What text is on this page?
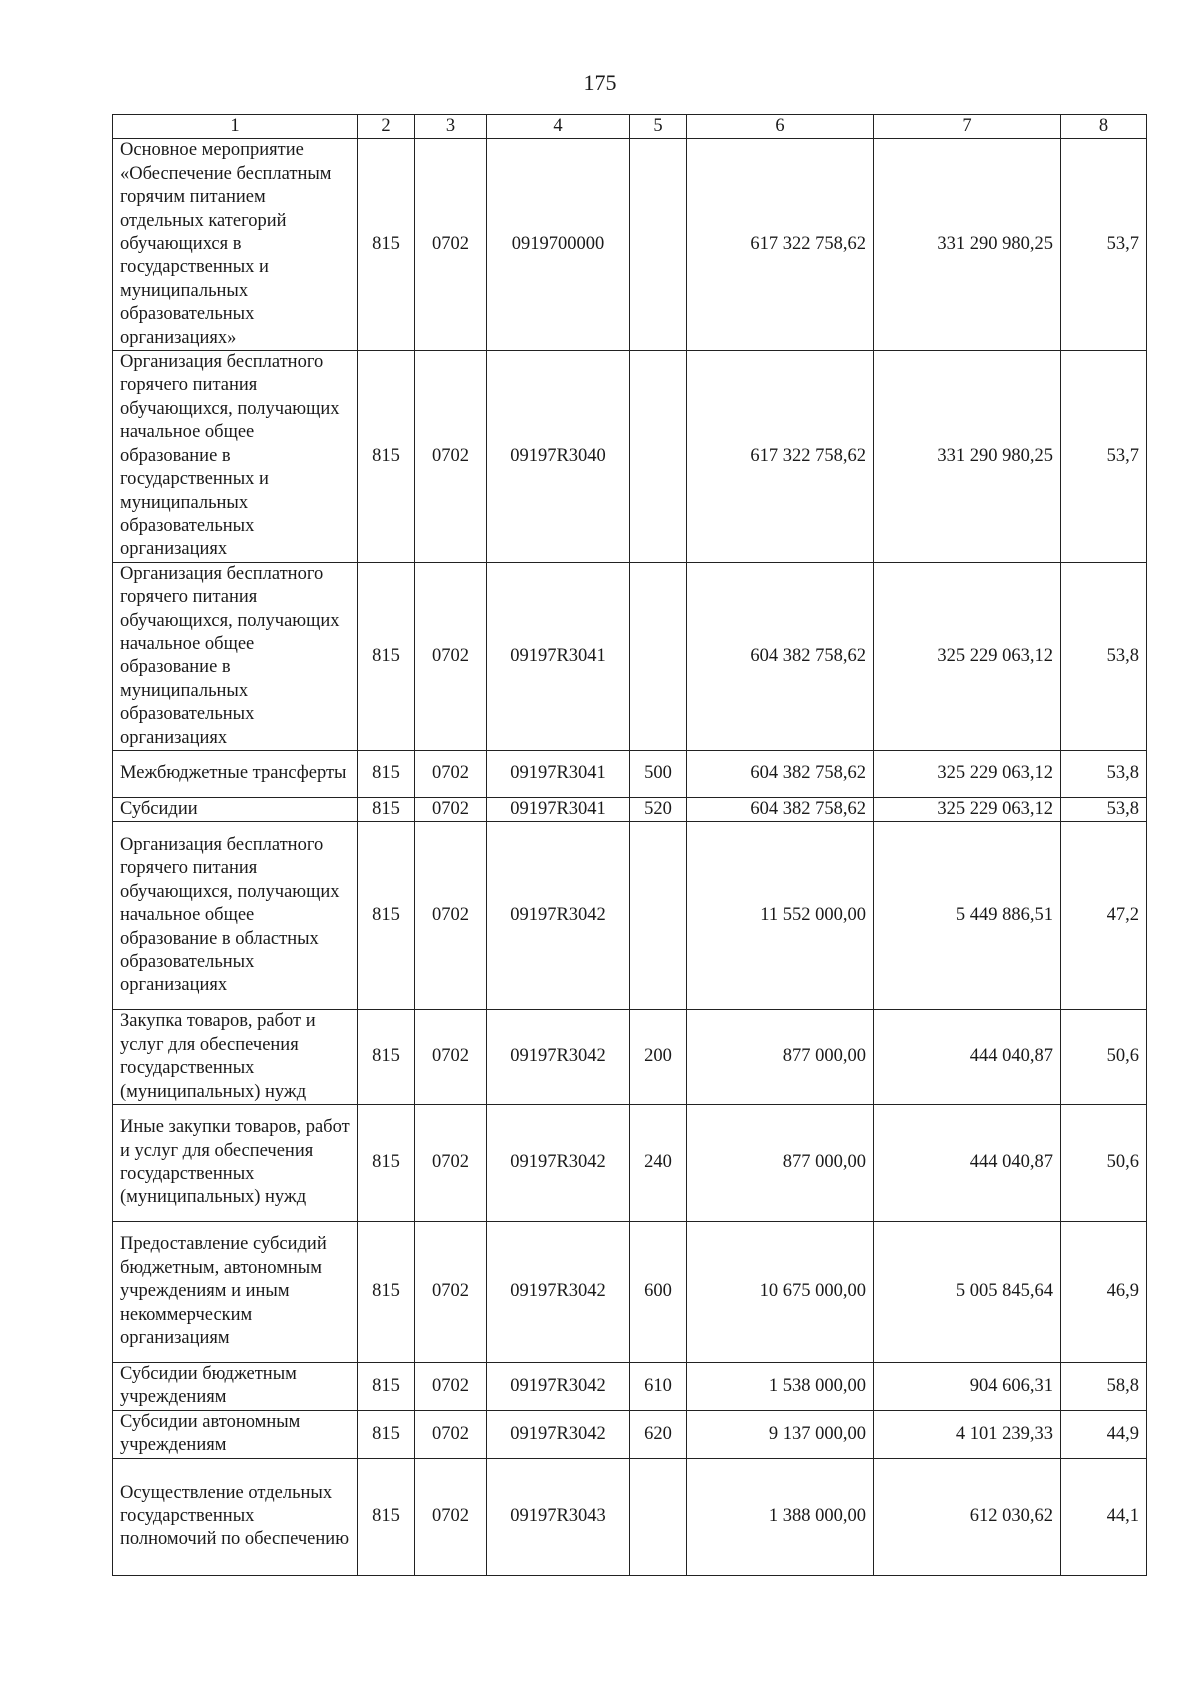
175
1	2	3	4	5	6	7	8
Основное мероприятие «Обеспечение бесплатным горячим питанием отдельных категорий обучающихся в государственных и муниципальных образовательных организациях»	815	0702	0919700000		617 322 758,62	331 290 980,25	53,7
Организация бесплатного горячего питания обучающихся, получающих начальное общее образование в государственных и муниципальных образовательных организациях	815	0702	09197R3040		617 322 758,62	331 290 980,25	53,7
Организация бесплатного горячего питания обучающихся, получающих начальное общее образование в муниципальных образовательных организациях	815	0702	09197R3041		604 382 758,62	325 229 063,12	53,8
Межбюджетные трансферты	815	0702	09197R3041	500	604 382 758,62	325 229 063,12	53,8
Субсидии	815	0702	09197R3041	520	604 382 758,62	325 229 063,12	53,8
Организация бесплатного горячего питания обучающихся, получающих начальное общее образование в областных образовательных организациях	815	0702	09197R3042		11 552 000,00	5 449 886,51	47,2
Закупка товаров, работ и услуг для обеспечения государственных (муниципальных) нужд	815	0702	09197R3042	200	877 000,00	444 040,87	50,6
Иные закупки товаров, работ и услуг для обеспечения государственных (муниципальных) нужд	815	0702	09197R3042	240	877 000,00	444 040,87	50,6
Предоставление субсидий бюджетным, автономным учреждениям и иным некоммерческим организациям	815	0702	09197R3042	600	10 675 000,00	5 005 845,64	46,9
Субсидии бюджетным учреждениям	815	0702	09197R3042	610	1 538 000,00	904 606,31	58,8
Субсидии автономным учреждениям	815	0702	09197R3042	620	9 137 000,00	4 101 239,33	44,9
Осуществление отдельных государственных полномочий по обеспечению	815	0702	09197R3043		1 388 000,00	612 030,62	44,1
